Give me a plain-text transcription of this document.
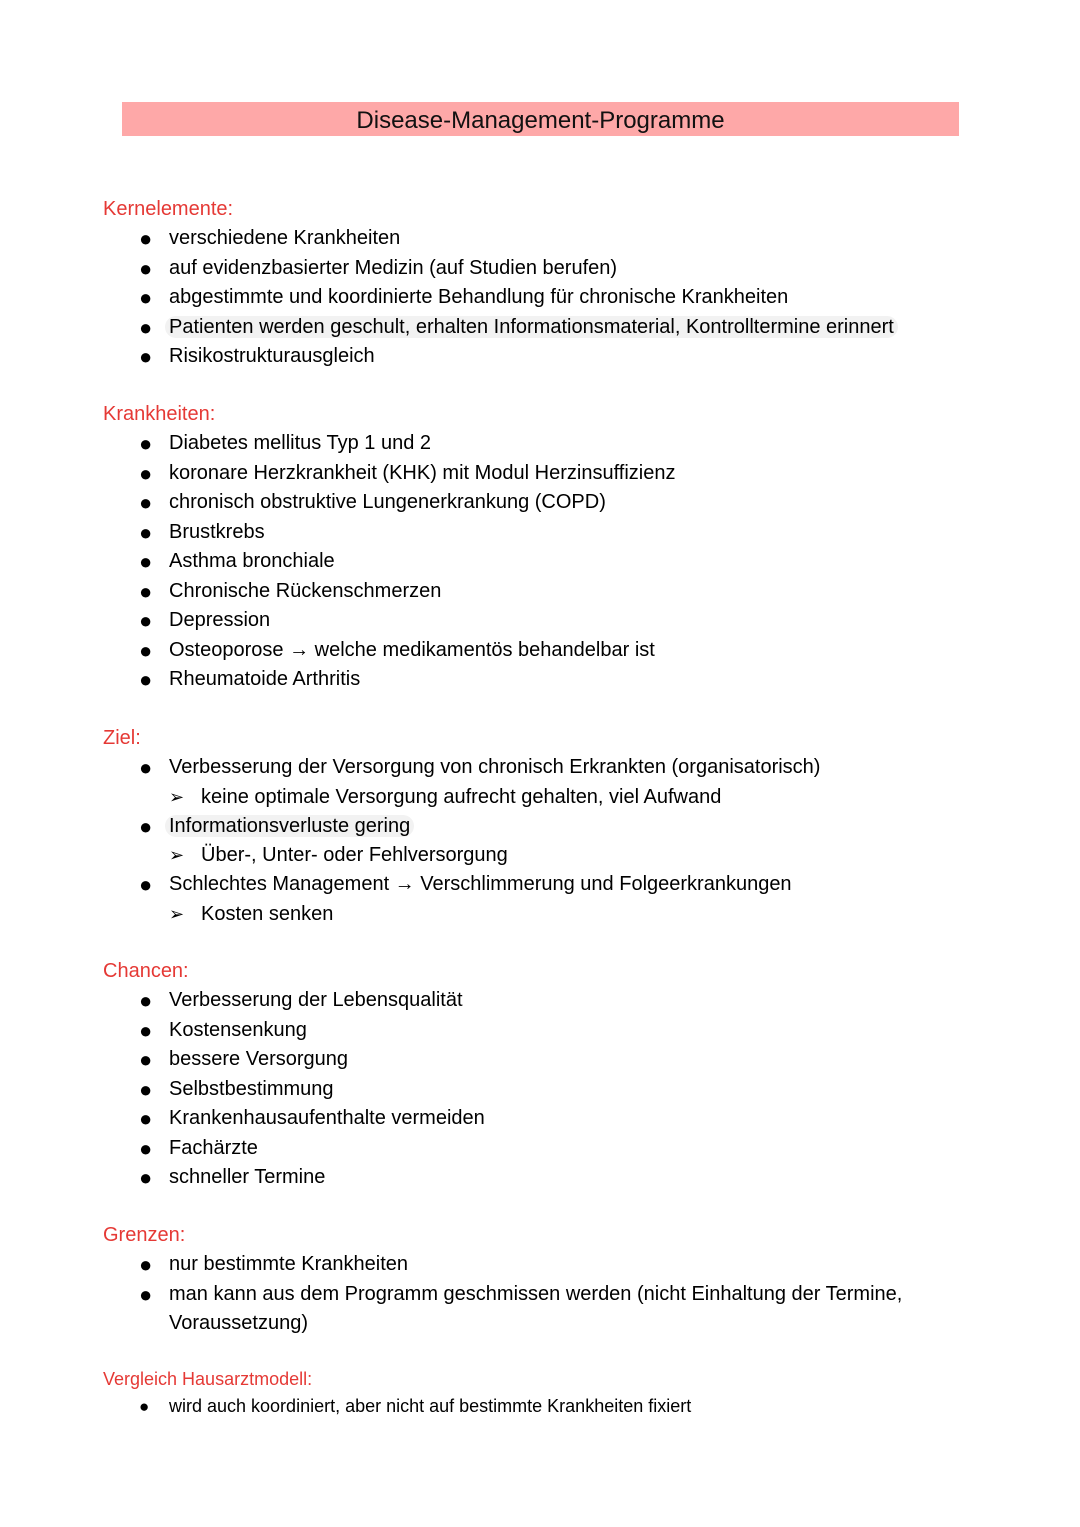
Disease-Management-Programme
Kernelemente:
● verschiedene Krankheiten
● auf evidenzbasierter Medizin (auf Studien berufen)
● abgestimmte und koordinierte Behandlung für chronische Krankheiten
● Patienten werden geschult, erhalten Informationsmaterial, Kontrolltermine erinnert
● Risikostrukturausgleich
Krankheiten:
● Diabetes mellitus Typ 1 und 2
● koronare Herzkrankheit (KHK) mit Modul Herzinsuffizienz
● chronisch obstruktive Lungenerkrankung (COPD)
● Brustkrebs
● Asthma bronchiale
● Chronische Rückenschmerzen
● Depression
● Osteoporose → welche medikamentös behandelbar ist
● Rheumatoide Arthritis
Ziel:
● Verbesserung der Versorgung von chronisch Erkrankten (organisatorisch)
➢ keine optimale Versorgung aufrecht gehalten, viel Aufwand
● Informationsverluste gering
➢ Über-, Unter- oder Fehlversorgung
● Schlechtes Management → Verschlimmerung und Folgeerkrankungen
➢ Kosten senken
Chancen:
● Verbesserung der Lebensqualität
● Kostensenkung
● bessere Versorgung
● Selbstbestimmung
● Krankenhausaufenthalte vermeiden
● Fachärzte
● schneller Termine
Grenzen:
● nur bestimmte Krankheiten
● man kann aus dem Programm geschmissen werden (nicht Einhaltung der Termine, Voraussetzung)
Vergleich Hausarztmodell:
● wird auch koordiniert, aber nicht auf bestimmte Krankheiten fixiert
